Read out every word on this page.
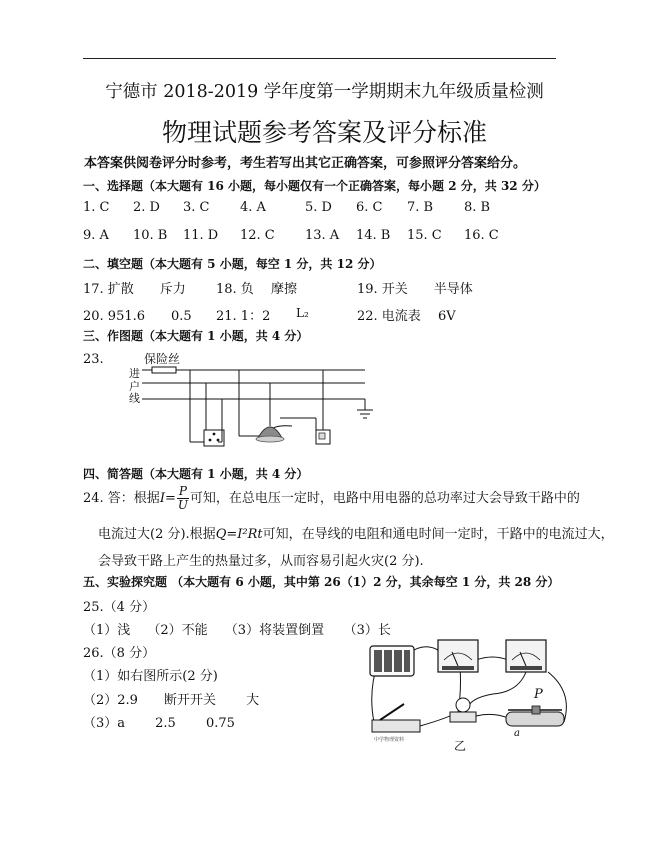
宁德市 2018-2019 学年度第一学期期末九年级质量检测
物理试题参考答案及评分标准
本答案供阅卷评分时参考，考生若写出其它正确答案，可参照评分答案给分。
一、选择题（本大题有 16 小题，每小题仅有一个正确答案，每小题 2 分，共 32 分）
1. C 2. D 3. C 4. A	5. D 6. C 7. B 8. B
9. A 10. B 11. D 12. C 13. A 14. B 15. C 16. C
二、填空题（本大题有 5 小题，每空 1 分，共 12 分）
17. 扩散　　斥力 18. 负　 摩擦	19. 开关　　半导体
20. 951.6　　0.5 21. 1：2 L₂	22. 电流表　 6V
三、作图题（本大题有 1 小题，共 4 分）
23.	保险丝
进
户
线
四、简答题（本大题有 1 小题，共 4 分）
24. 答：根据$I= \frac{P}{U}$ 可知，在总电压一定时，电路中用电器的总功率过大会导致干路中的
电流过大(2 分).根据Q=I²Rt可知，在导线的电阻和通电时间一定时，干路中的电流过大，
会导致干路上产生的热量过多，从而容易引起火灾(2 分).
五、实验探究题 （本大题有 6 小题，其中第 26（1）2 分，其余每空 1 分，共 28 分）
25.（4 分）
（1）浅　 （2）不能　 （3）将装置倒置　　（3）长
26.（8 分）
（1）如右图所示(2 分)
（2）2.9　　断开开关　　 大
（3）a　　 2.5　　 0.75
中学物理资料
P
a
乙
